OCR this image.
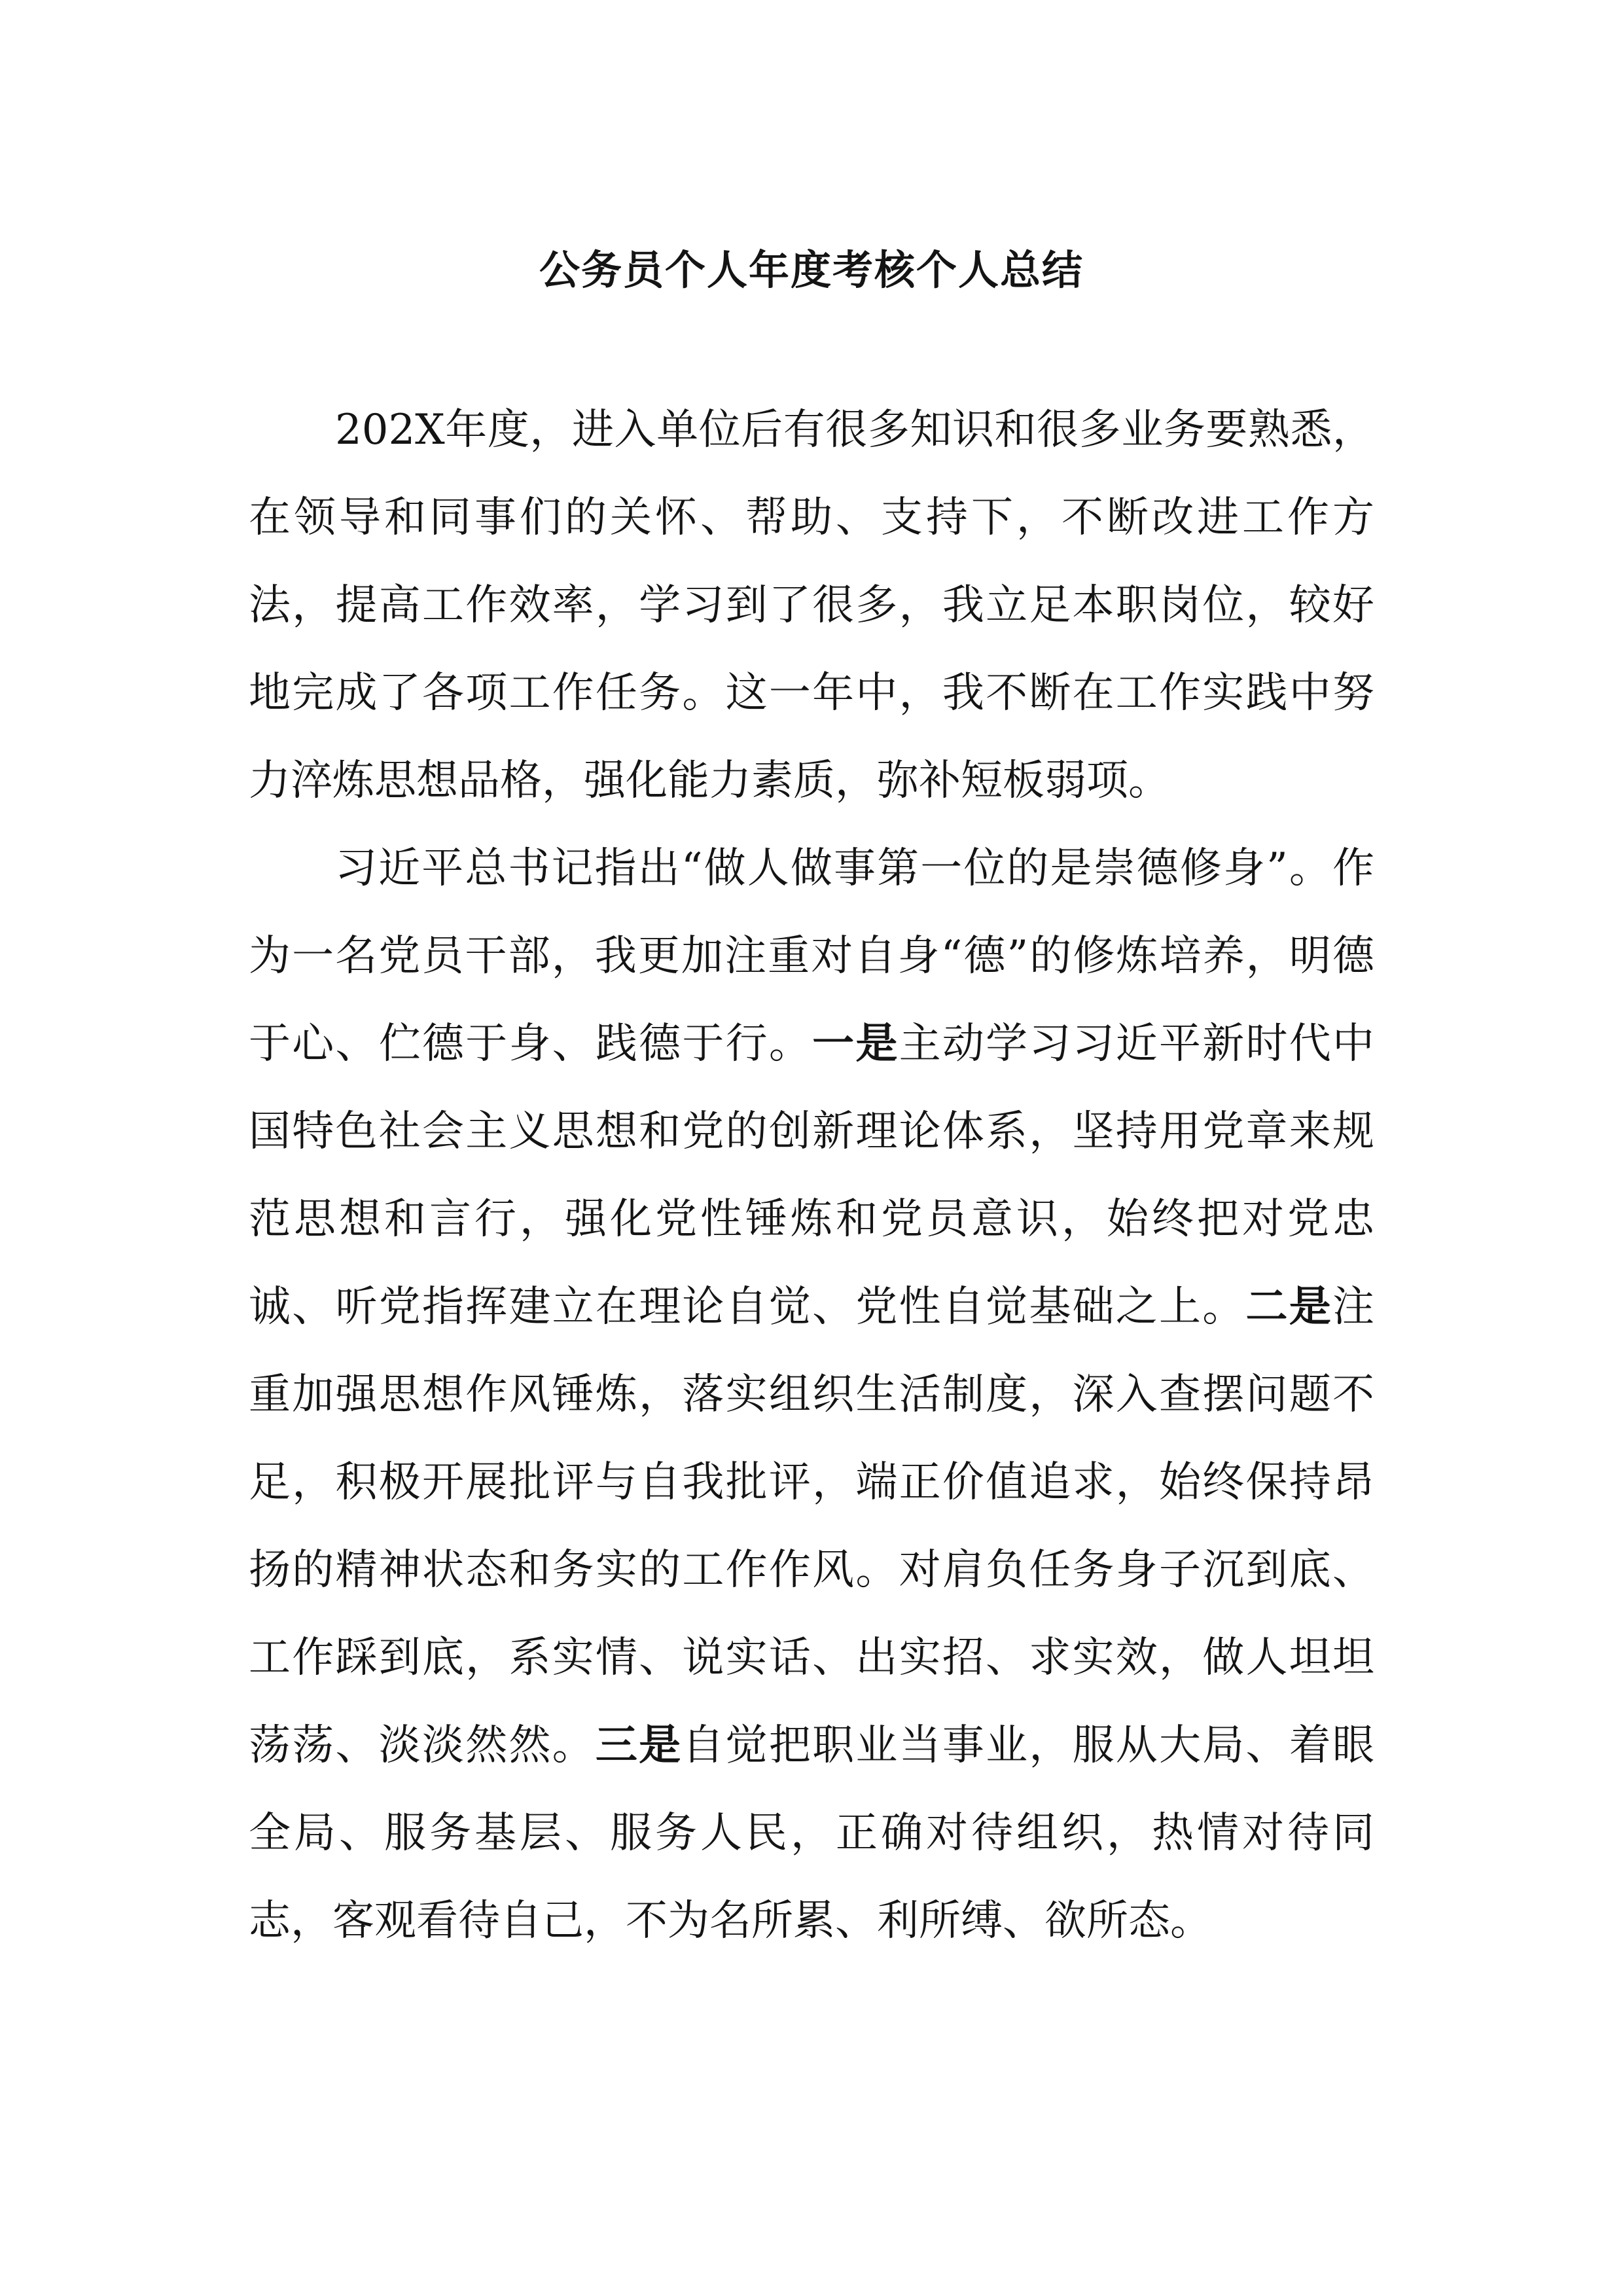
公务员个人年度考核个人总结

202X年度，进入单位后有很多知识和很多业务要熟悉，在领导和同事们的关怀、帮助、支持下，不断改进工作方法，提高工作效率，学习到了很多，我立足本职岗位，较好地完成了各项工作任务。这一年中，我不断在工作实践中努力淬炼思想品格，强化能力素质，弥补短板弱项。

习近平总书记指出“做人做事第一位的是崇德修身”。作为一名党员干部，我更加注重对自身“德”的修炼培养，明德于心、伫德于身、践德于行。一是主动学习习近平新时代中国特色社会主义思想和党的创新理论体系，坚持用党章来规范思想和言行，强化党性锤炼和党员意识，始终把对党忠诚、听党指挥建立在理论自觉、党性自觉基础之上。二是注重加强思想作风锤炼，落实组织生活制度，深入查摆问题不足，积极开展批评与自我批评，端正价值追求，始终保持昂扬的精神状态和务实的工作作风。对肩负任务身子沉到底、工作踩到底，系实情、说实话、出实招、求实效，做人坦坦荡荡、淡淡然然。三是自觉把职业当事业，服从大局、着眼全局、服务基层、服务人民，正确对待组织，热情对待同志，客观看待自己，不为名所累、利所缚、欲所态。
